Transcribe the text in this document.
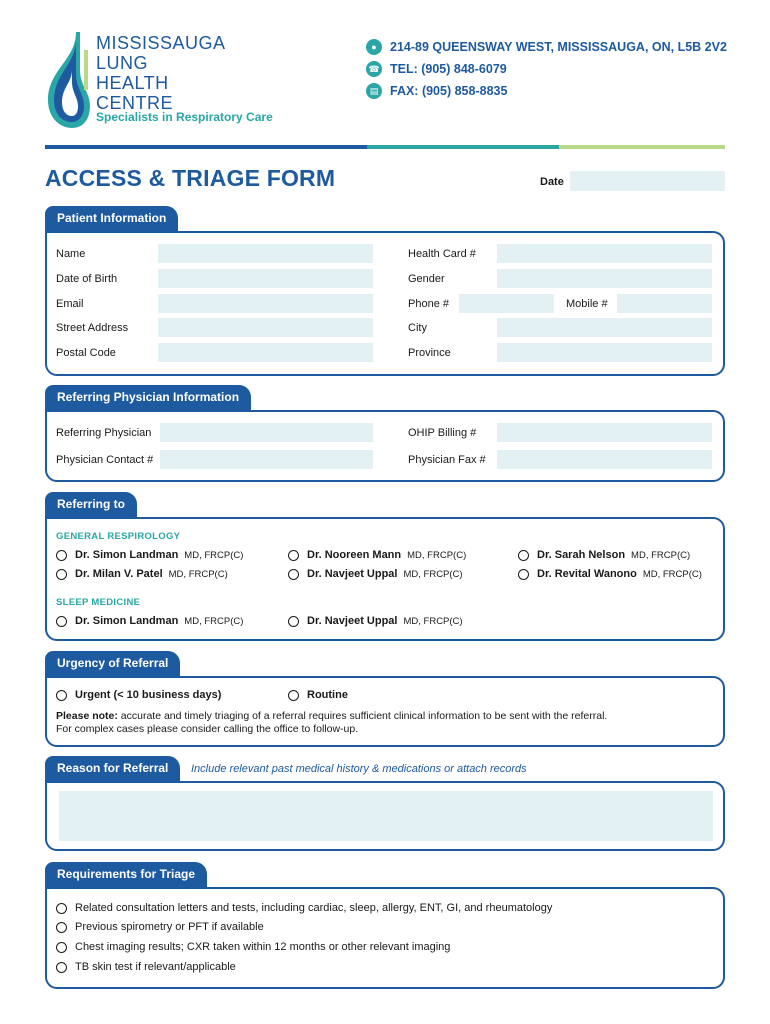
MISSISSAUGA
LUNG
HEALTH
CENTRE
Specialists in Respiratory Care
●	214-89 QUEENSWAY WEST, MISSISSAUGA, ON, L5B 2V2
☎ TEL: (905) 848-6079
▤ FAX: (905) 858-8835
ACCESS & TRIAGE FORM	Date
Patient Information
Name	Health Card #
Date of Birth	Gender
Email	Phone #	Mobile #
Street Address	City
Postal Code	Province
Referring Physician Information
Referring Physician	OHIP Billing #
Physician Contact #	Physician Fax #
Referring to
GENERAL RESPIROLOGY
Dr. Simon Landman MD, FRCP(C)	Dr. Nooreen Mann MD, FRCP(C)	Dr. Sarah Nelson MD, FRCP(C)
Dr. Milan V. Patel MD, FRCP(C)	Dr. Navjeet Uppal MD, FRCP(C)	Dr. Revital Wanono MD, FRCP(C)
SLEEP MEDICINE
Dr. Simon Landman MD, FRCP(C)	Dr. Navjeet Uppal MD, FRCP(C)
Urgency of Referral
Urgent (< 10 business days)	Routine
Please note: accurate and timely triaging of a referral requires sufficient clinical information to be sent with the referral.
For complex cases please consider calling the office to follow-up.
Reason for Referral	Include relevant past medical history & medications or attach records
Requirements for Triage
Related consultation letters and tests, including cardiac, sleep, allergy, ENT, GI, and rheumatology
Previous spirometry or PFT if available
Chest imaging results; CXR taken within 12 months or other relevant imaging
TB skin test if relevant/applicable
